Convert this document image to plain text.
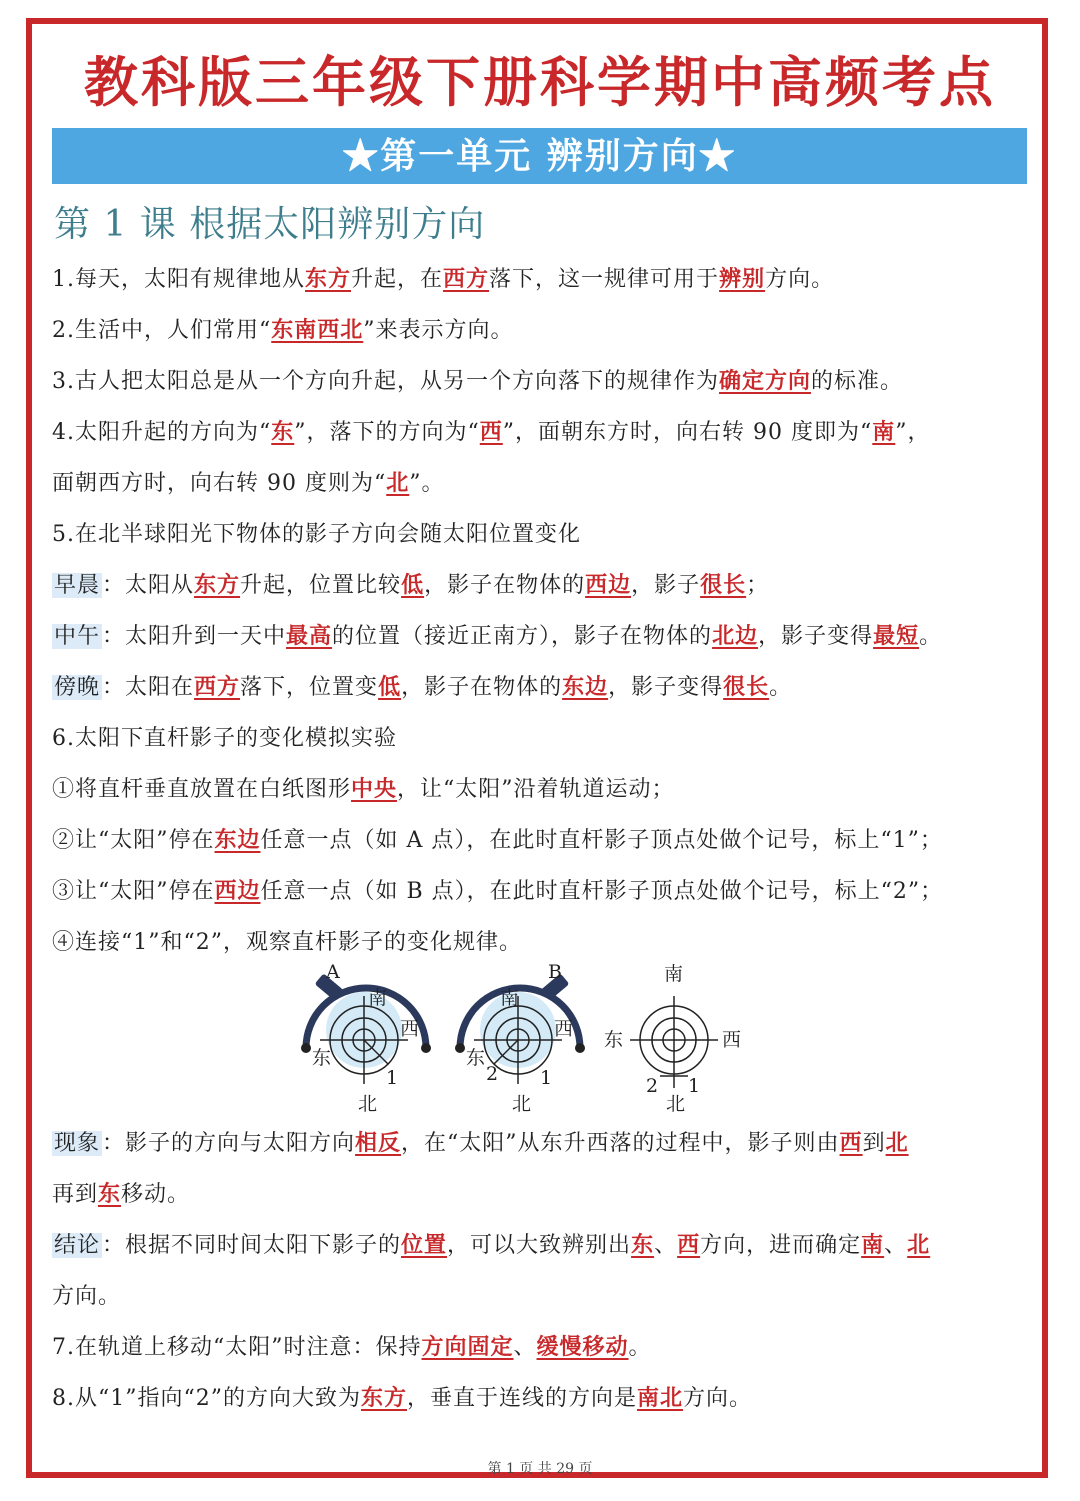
教科版三年级下册科学期中高频考点
★第一单元 辨别方向★
第 1 课 根据太阳辨别方向
1.每天，太阳有规律地从东方升起，在西方落下，这一规律可用于辨别方向。
2.生活中，人们常用“东南西北”来表示方向。
3.古人把太阳总是从一个方向升起，从另一个方向落下的规律作为确定方向的标准。
4.太阳升起的方向为“东”，落下的方向为“西”，面朝东方时，向右转 90 度即为“南”，
面朝西方时，向右转 90 度则为“北”。
5.在北半球阳光下物体的影子方向会随太阳位置变化
早晨：太阳从东方升起，位置比较低，影子在物体的西边，影子很长；
中午：太阳升到一天中最高的位置（接近正南方），影子在物体的北边，影子变得最短。
傍晚：太阳在西方落下，位置变低，影子在物体的东边，影子变得很长。
6.太阳下直杆影子的变化模拟实验
①将直杆垂直放置在白纸图形中央，让“太阳”沿着轨道运动；
②让“太阳”停在东边任意一点（如 A 点），在此时直杆影子顶点处做个记号，标上“1”；
③让“太阳”停在西边任意一点（如 B 点），在此时直杆影子顶点处做个记号，标上“2”；
④连接“1”和“2”，观察直杆影子的变化规律。
现象：影子的方向与太阳方向相反，在“太阳”从东升西落的过程中，影子则由西到北
再到东移动。
结论：根据不同时间太阳下影子的位置，可以大致辨别出东、西方向，进而确定南、北
方向。
7.在轨道上移动“太阳”时注意：保持方向固定、缓慢移动。
8.从“1”指向“2”的方向大致为东方，垂直于连线的方向是南北方向。
A
南
西
东
北
1
B
南
西
东
北
1
2
南
西
东
北
1
2
第 1 页 共 29 页
